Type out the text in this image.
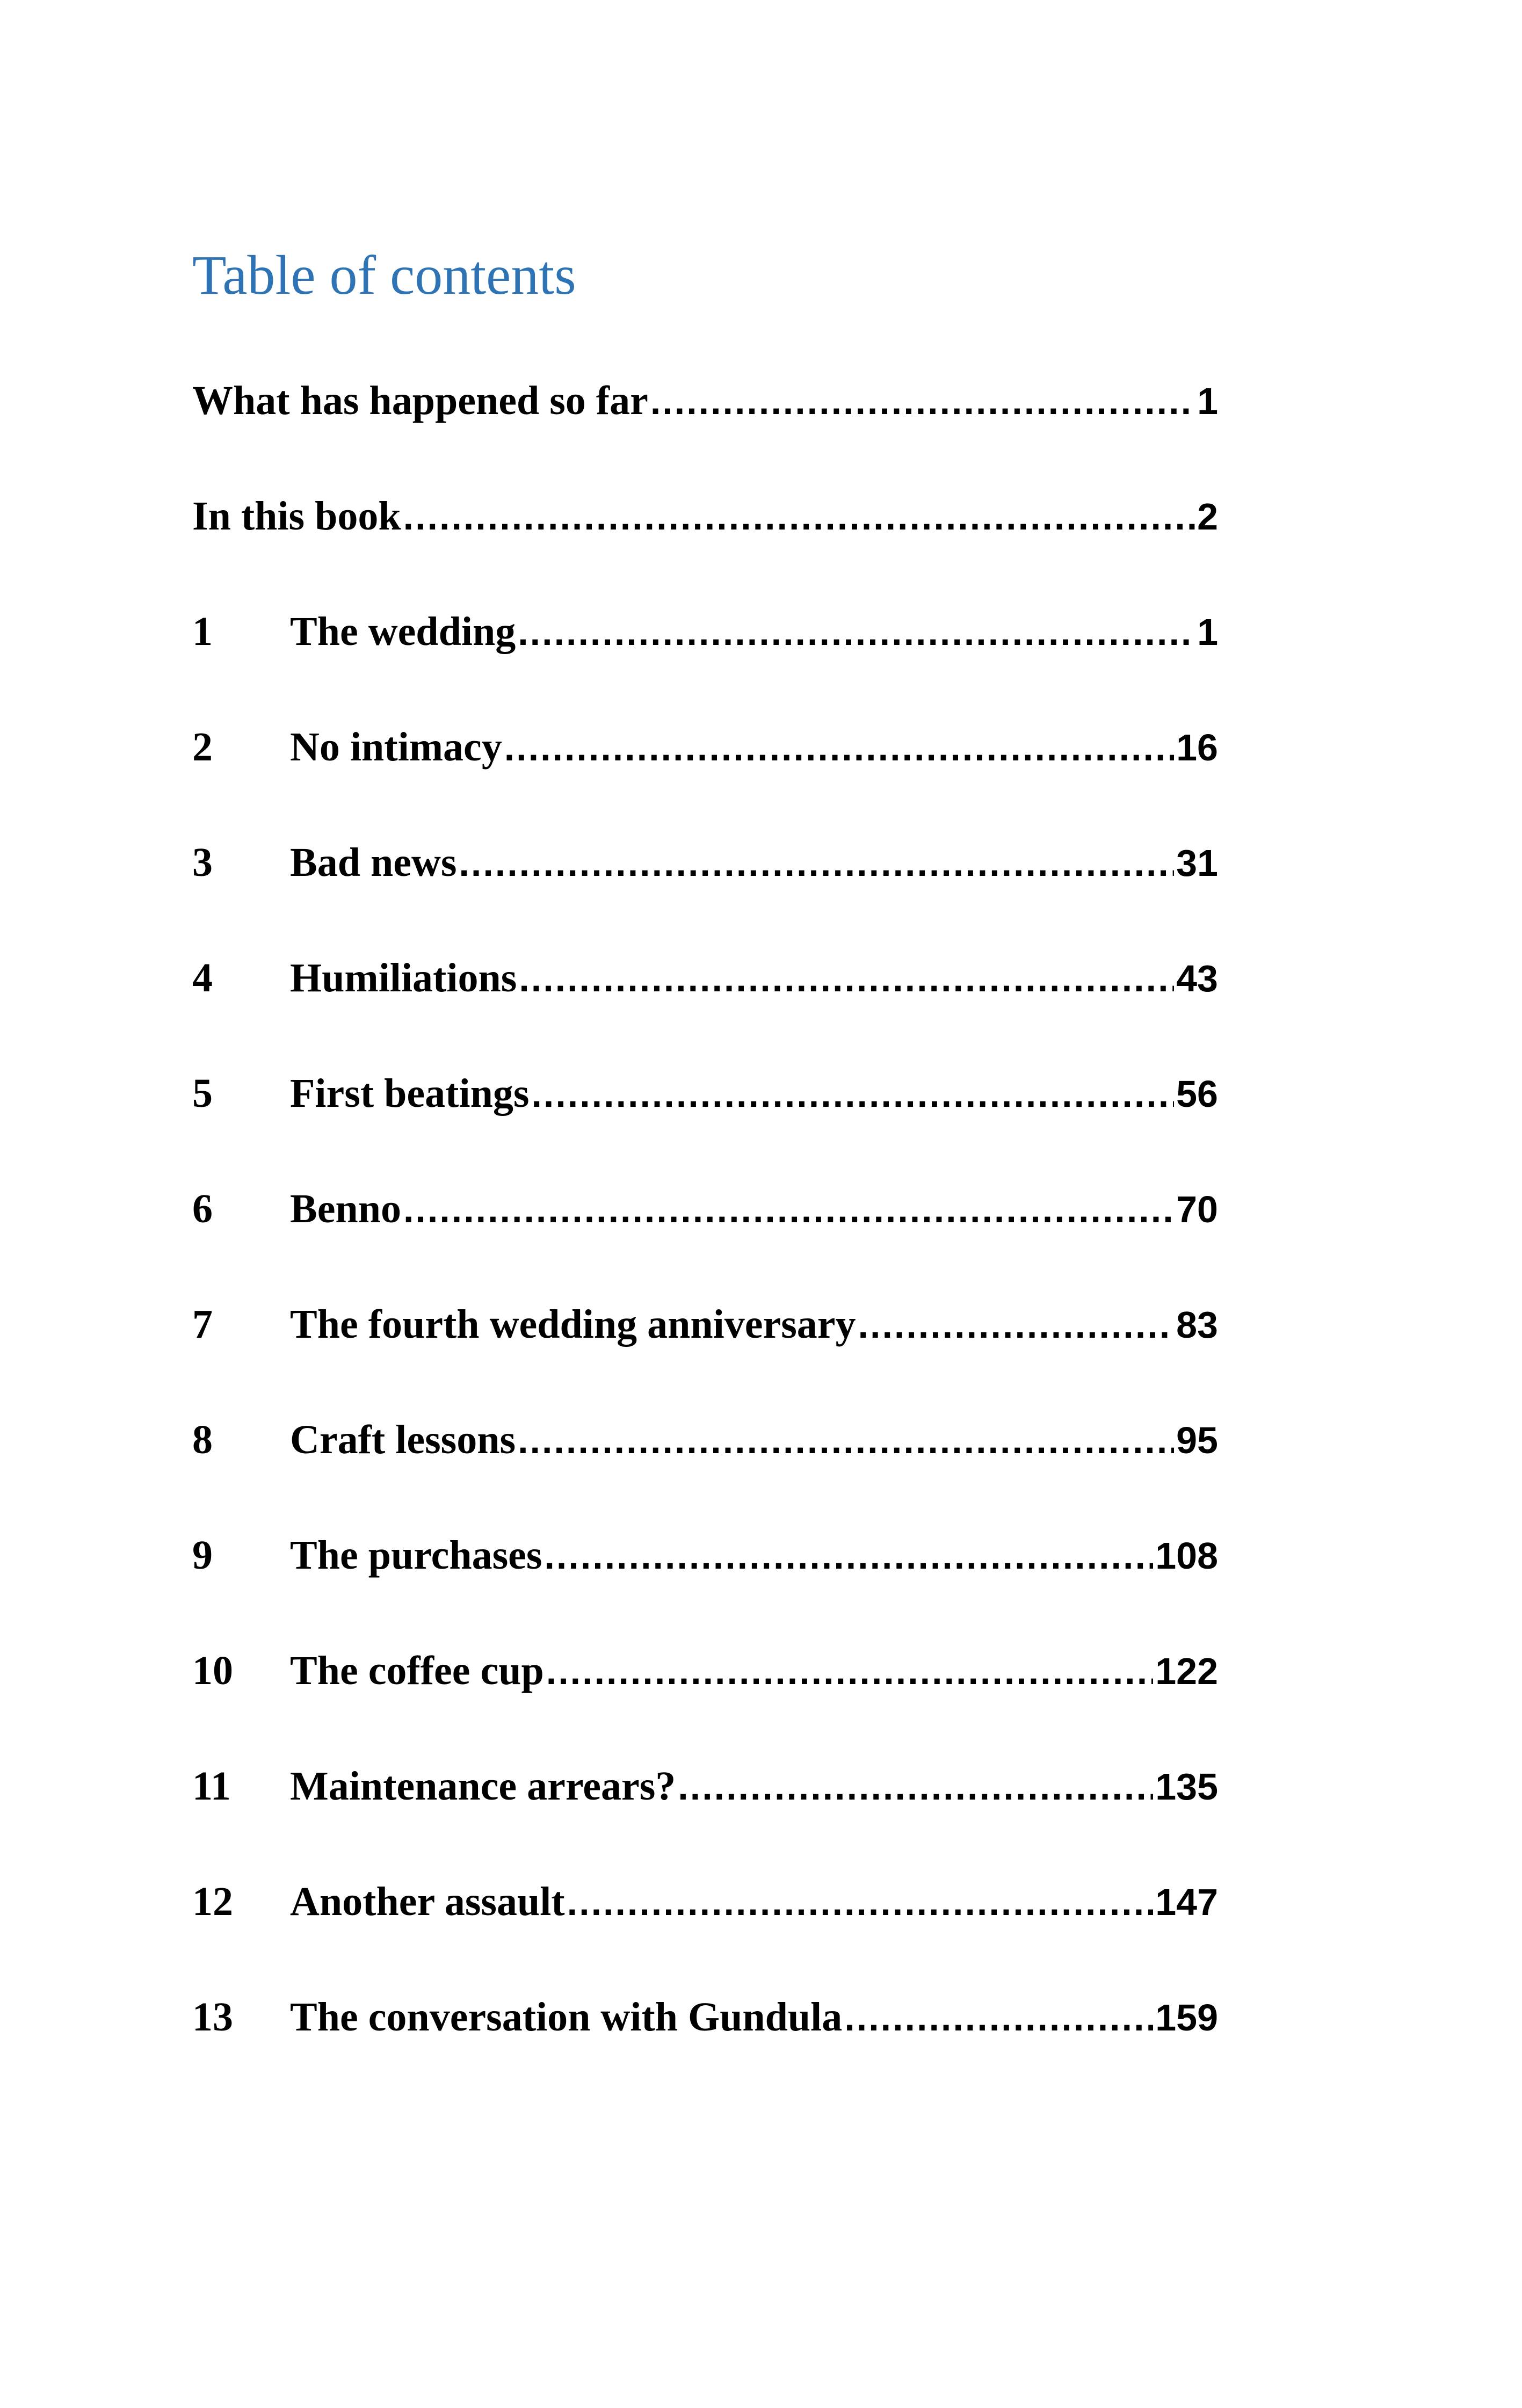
Table of contents
What has happened so far .....	1
In this book .....	2
1	The wedding .....	1
2	No intimacy .....	16
3	Bad news .....	31
4	Humiliations .....	43
5	First beatings .....	56
6	Benno .....	70
7	The fourth wedding anniversary .....	83
8	Craft lessons .....	95
9	The purchases .....	108
10	The coffee cup .....	122
11	Maintenance arrears? .....	135
12	Another assault .....	147
13	The conversation with Gundula .....	159
